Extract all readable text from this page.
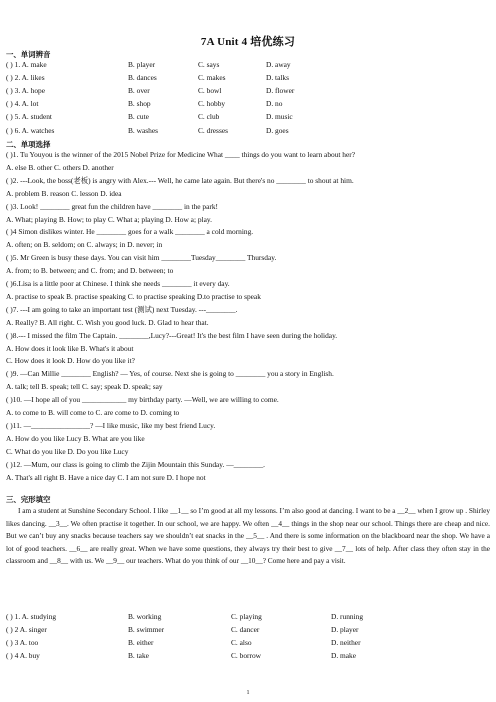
7A Unit 4 培优练习
一、单词辨音
( ) 1. A. make	B. player	C. says	D. away
( ) 2. A. likes	B. dances	C. makes	D. talks
( ) 3. A. hope	B. over	C. bowl	D. flower
( ) 4. A. lot	B. shop	C. hobby	D. no
( ) 5. A. student	B. cute	C. club	D. music
( ) 6. A. watches	B. washes	C. dresses	D. goes
二、单项选择
( )1. Tu Youyou is the winner of the 2015 Nobel Prize for Medicine What ____ things do you want to learn about her?
A. else B. other C. others D. another
( )2. ---Look, the boss(老板) is angry with Alex.--- Well, he came late again. But there's no ________ to shout at him.
A. problem B. reason C. lesson D. idea
( )3. Look! ________ great fun the children have ________ in the park!
A. What; playing B. How; to play C. What a; playing D. How a; play.
( )4 Simon dislikes winter. He ________ goes for a walk ________ a cold morning.
A. often; on B. seldom; on C. always; in D. never; in
( )5. Mr Green is busy these days. You can visit him ________Tuesday________ Thursday.
A. from; to B. between; and C. from; and D. between; to
( )6.Lisa is a little poor at Chinese. I think she needs ________ it every day.
A. practise to speak B. practise speaking C. to practise speaking D.to practise to speak
( )7. ---I am going to take an important test (测试) next Tuesday. ---________.
A. Really? B. All right. C. Wish you good luck. D. Glad to hear that.
( )8.--- I missed the film The Captain. ________,Lucy?---Great! It's the best film I have seen during the holiday.
A. How does it look like B. What's it about
C. How does it look D. How do you like it?
( )9. —Can Millie ________ English? — Yes, of course. Next she is going to ________ you a story in English.
A. talk; tell B. speak; tell C. say; speak D. speak; say
( )10. —I hope all of you ____________ my birthday party. —Well, we are willing to come.
A. to come to B. will come to C. are come to D. coming to
( )11. —________________? —I like music, like my best friend Lucy.
A. How do you like Lucy B. What are you like
C. What do you like D. Do you like Lucy
( )12. —Mum, our class is going to climb the Zijin Mountain this Sunday. —________.
A. That's all right B. Have a nice day C. I am not sure D. I hope not
三、完形填空
I am a student at Sunshine Secondary School. I like __1__ so I’m good at all my lessons. I’m also good at dancing. I want to be a __2__ when I grow up . Shirley likes dancing. __3__. We often practise it together. In our school, we are happy. We often __4__ things in the shop near our school. Things there are cheap and nice. But we can’t buy any snacks because teachers say we shouldn’t eat snacks in the __5__ . And there is some information on the blackboard near the shop. We have a lot of good teachers. __6__ are really great. When we have some questions, they always try their best to give __7__ lots of help. After class they often stay in the classroom and __8__ with us. We __9__ our teachers. What do you think of our __10__? Come here and pay a visit.
( ) 1. A. studying	B. working	C. playing	D. running
( ) 2 A. singer	B. swimmer	C. dancer	D. player
( ) 3 A. too	B. either	C. also	D. neither
( ) 4 A. buy	B. take	C. borrow	D. make
1
